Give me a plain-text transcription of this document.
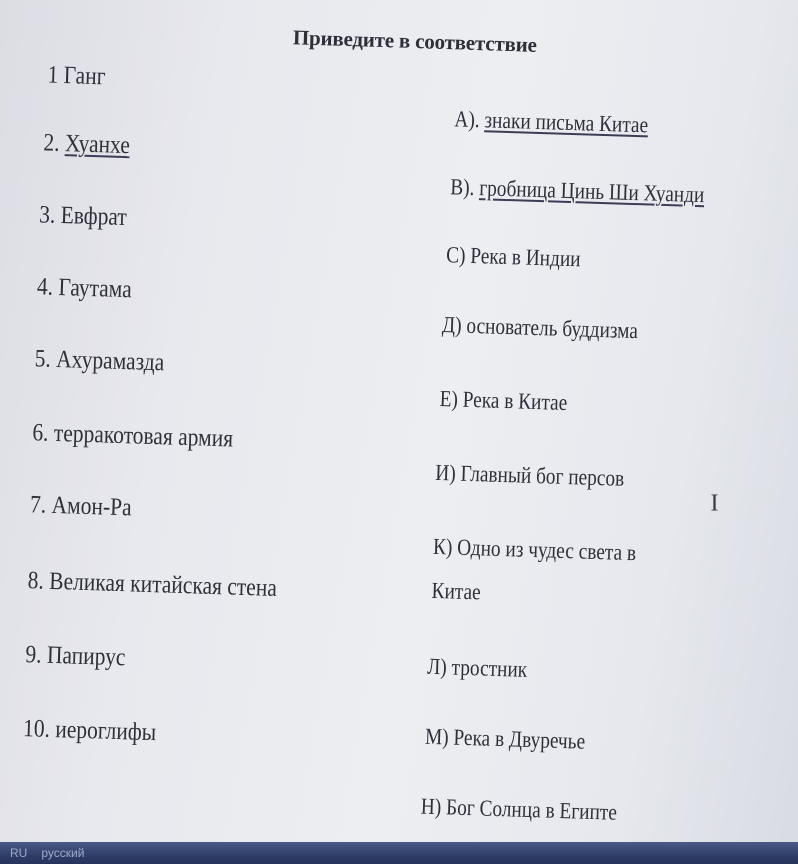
Приведите в соответствие
1 Ганг
2. Хуанхе
3. Евфрат
4. Гаутама
5. Ахурамазда
6. терракотовая армия
7. Амон-Ра
8. Великая китайская стена
9. Папирус
10. иероглифы
А). знаки письма Китае
В). гробница Цинь Ши Хуанди
С) Река в Индии
Д) основатель буддизма
Е) Река в Китае
И) Главный бог персов
К) Одно из чудес света в
Китае
Л) тростник
М) Река в Двуречье
Н) Бог Солнца в Египте
I
RU русский
